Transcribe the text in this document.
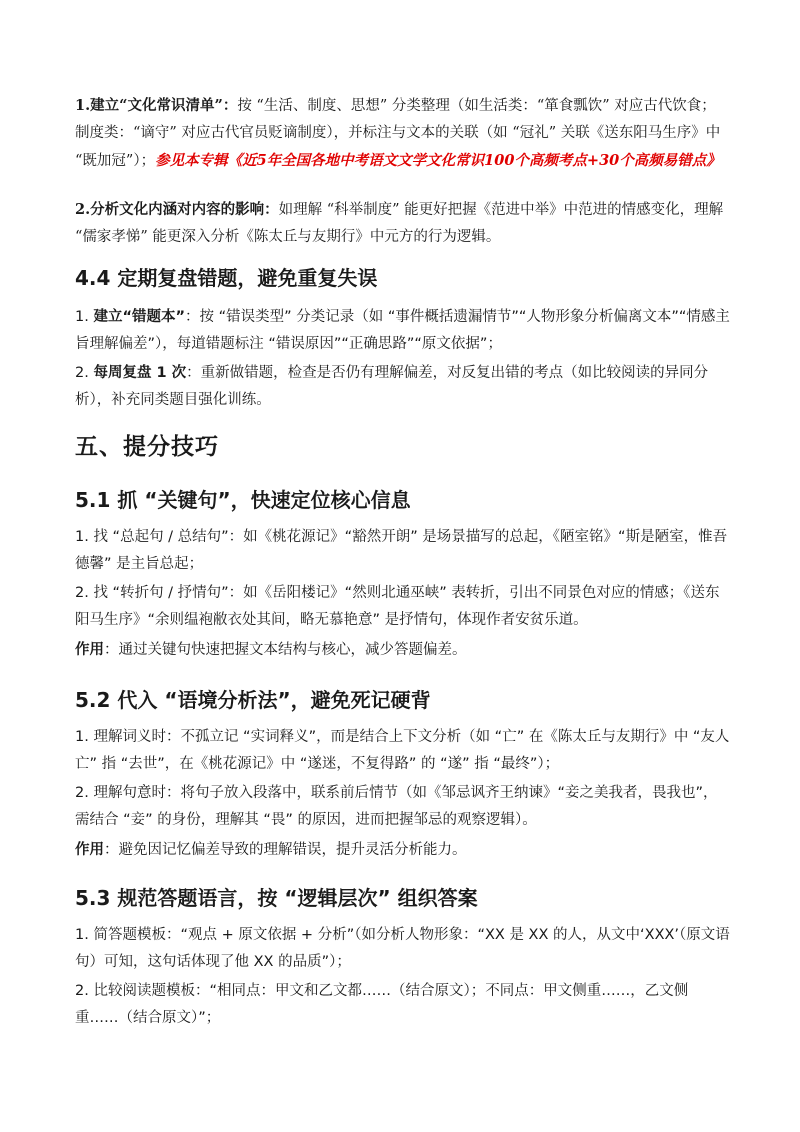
1.建立“文化常识清单”：按 “生活、制度、思想” 分类整理（如生活类：“箪食瓢饮” 对应古代饮食；制度类：“谪守” 对应古代官员贬谪制度），并标注与文本的关联（如 “冠礼” 关联《送东阳马生序》中 “既加冠”）；参见本专辑《近5年全国各地中考语文文学文化常识100个高频考点+30个高频易错点》

2.分析文化内涵对内容的影响：如理解 “科举制度” 能更好把握《范进中举》中范进的情感变化，理解 “儒家孝悌” 能更深入分析《陈太丘与友期行》中元方的行为逻辑。

4.4 定期复盘错题，避免重复失误

1. 建立“错题本”：按 “错误类型” 分类记录（如 “事件概括遗漏情节”“人物形象分析偏离文本”“情感主旨理解偏差”），每道错题标注 “错误原因”“正确思路”“原文依据”；

2. 每周复盘 1 次：重新做错题，检查是否仍有理解偏差，对反复出错的考点（如比较阅读的异同分析），补充同类题目强化训练。

五、提分技巧

5.1 抓 “关键句”，快速定位核心信息

1. 找 “总起句 / 总结句”：如《桃花源记》“豁然开朗” 是场景描写的总起，《陋室铭》“斯是陋室，惟吾德馨” 是主旨总起；

2. 找 “转折句 / 抒情句”：如《岳阳楼记》“然则北通巫峡” 表转折，引出不同景色对应的情感；《送东阳马生序》“余则缊袍敝衣处其间，略无慕艳意” 是抒情句，体现作者安贫乐道。

作用：通过关键句快速把握文本结构与核心，减少答题偏差。

5.2 代入 “语境分析法”，避免死记硬背

1. 理解词义时：不孤立记 “实词释义”，而是结合上下文分析（如 “亡” 在《陈太丘与友期行》中 “友人亡” 指 “去世”，在《桃花源记》中 “遂迷，不复得路” 的 “遂” 指 “最终”）；

2. 理解句意时：将句子放入段落中，联系前后情节（如《邹忌讽齐王纳谏》“妾之美我者，畏我也”，需结合 “妾” 的身份，理解其 “畏” 的原因，进而把握邹忌的观察逻辑）。

作用：避免因记忆偏差导致的理解错误，提升灵活分析能力。

5.3 规范答题语言，按 “逻辑层次” 组织答案

1. 简答题模板：“观点 + 原文依据 + 分析”（如分析人物形象：“XX 是 XX 的人，从文中‘XXX’（原文语句）可知，这句话体现了他 XX 的品质”）；

2. 比较阅读题模板：“相同点：甲文和乙文都……（结合原文）；不同点：甲文侧重……，乙文侧重……（结合原文）”；
